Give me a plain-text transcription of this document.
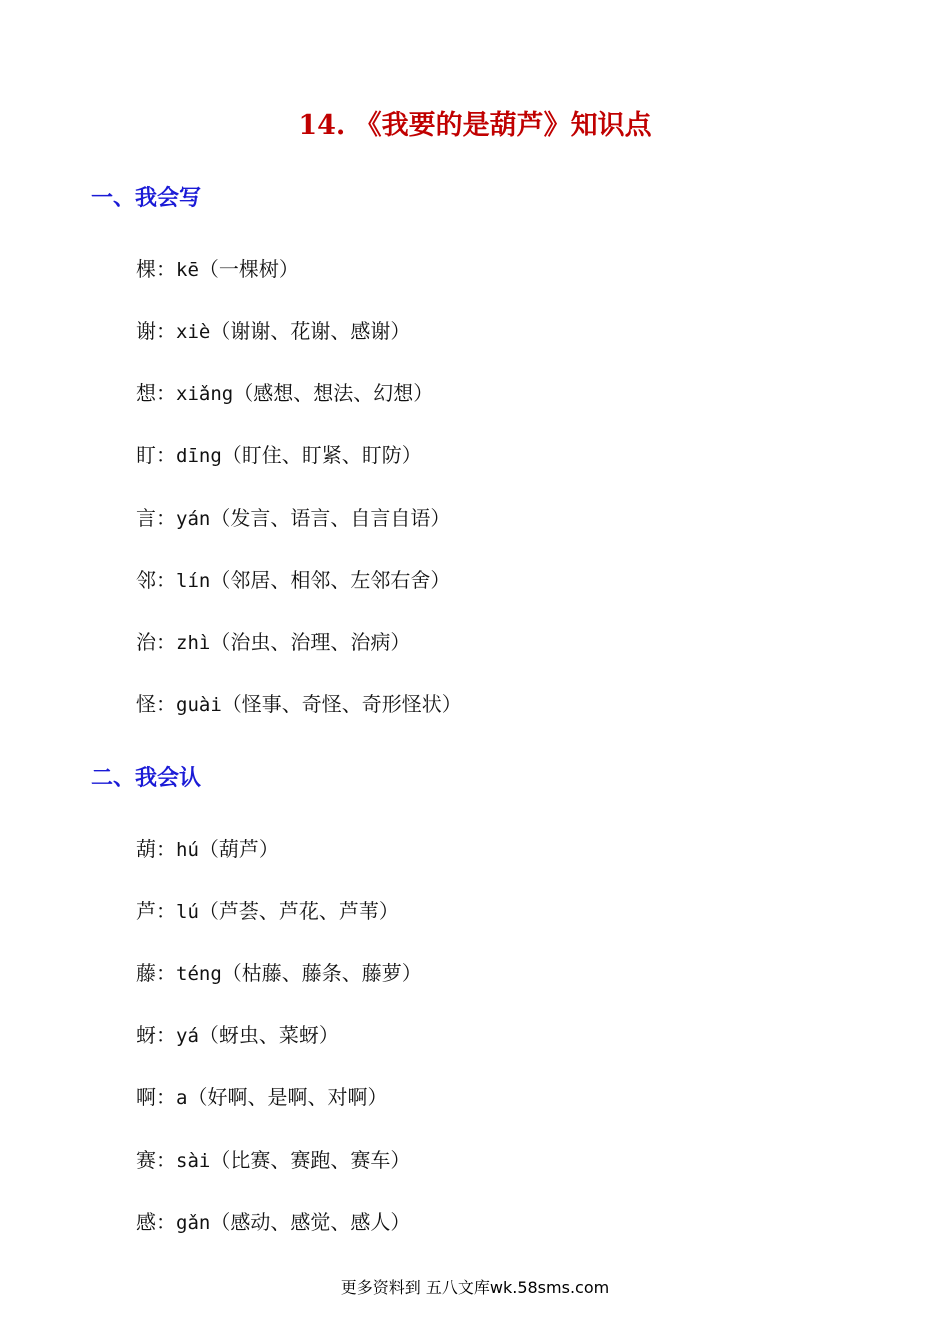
14. 《我要的是葫芦》知识点
一、我会写
棵：kē（一棵树）
谢：xiè（谢谢、花谢、感谢）
想：xiǎng（感想、想法、幻想）
盯：dīng（盯住、盯紧、盯防）
言：yán（发言、语言、自言自语）
邻：lín（邻居、相邻、左邻右舍）
治：zhì（治虫、治理、治病）
怪：guài（怪事、奇怪、奇形怪状）
二、我会认
葫：hú（葫芦）
芦：lú（芦荟、芦花、芦苇）
藤：téng（枯藤、藤条、藤萝）
蚜：yá（蚜虫、菜蚜）
啊：a（好啊、是啊、对啊）
赛：sài（比赛、赛跑、赛车）
感：gǎn（感动、感觉、感人）
更多资料到 五八文库wk.58sms.com
